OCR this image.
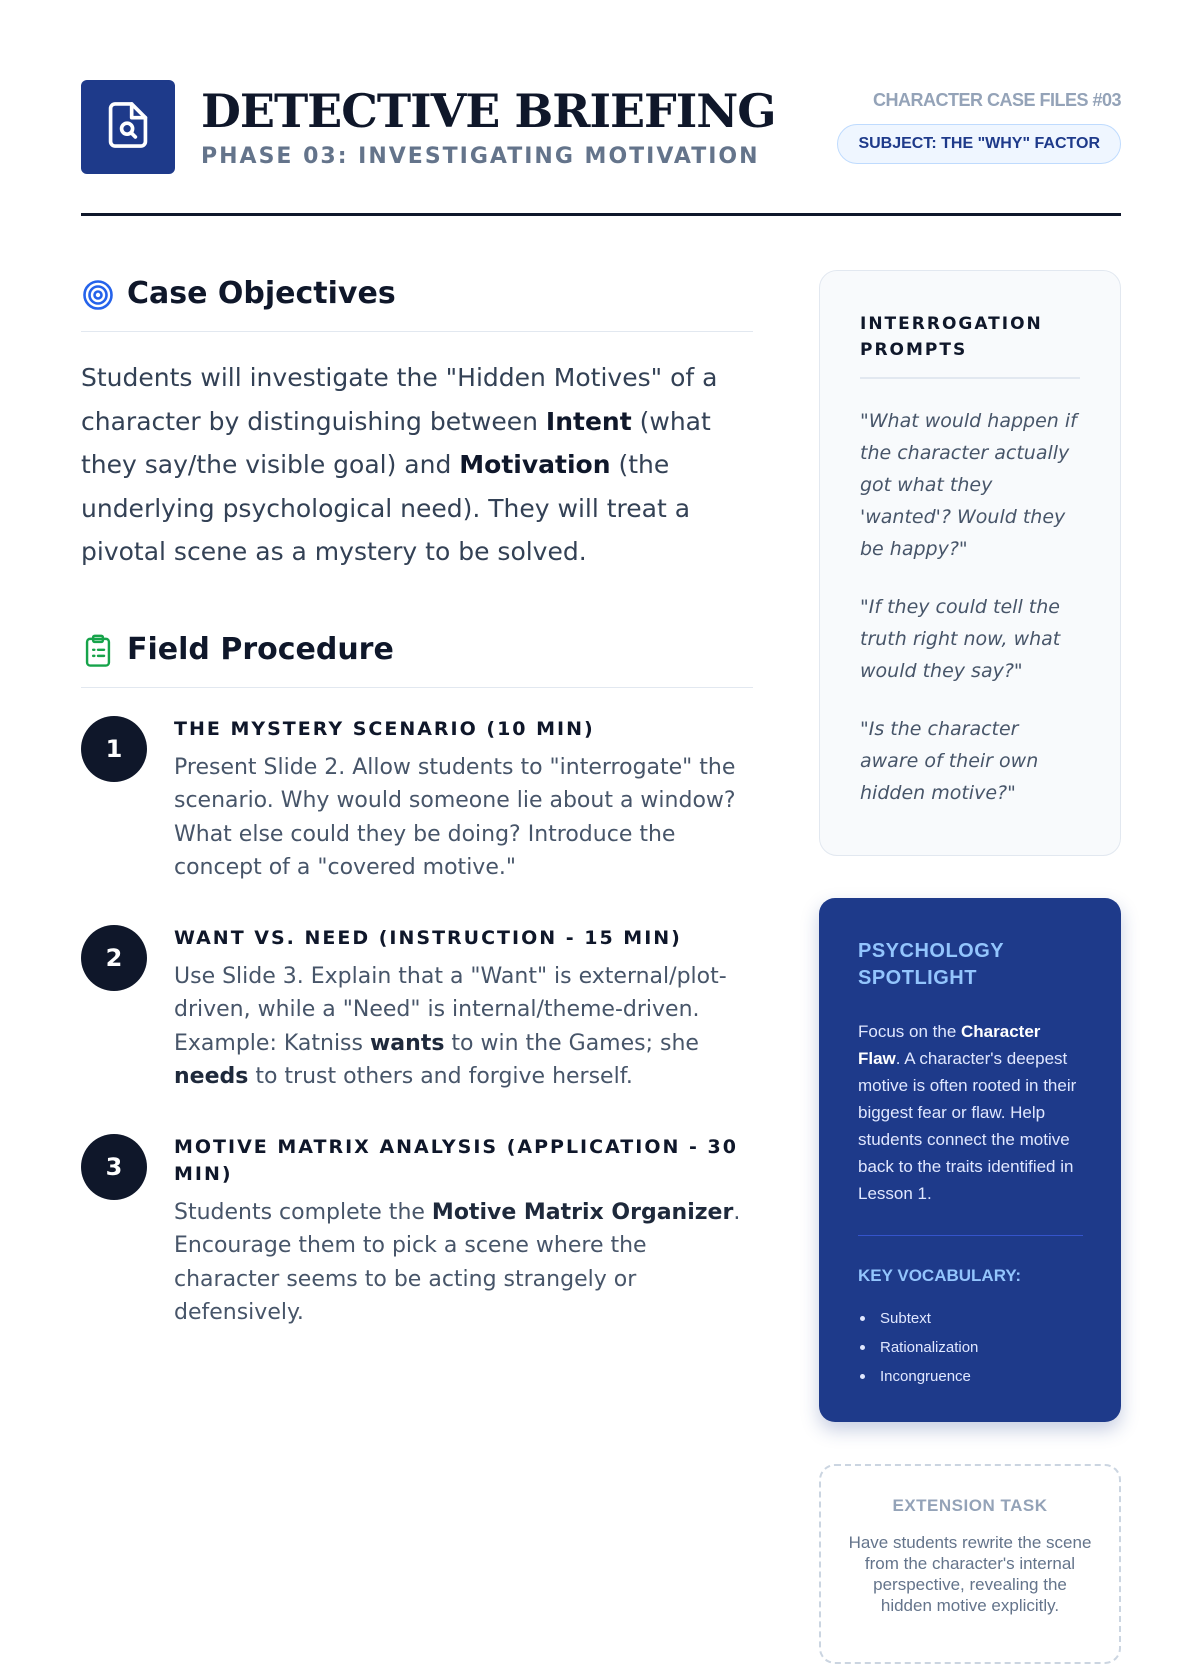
DETECTIVE BRIEFING
PHASE 03: INVESTIGATING MOTIVATION
CHARACTER CASE FILES #03
SUBJECT: THE "WHY" FACTOR
Case Objectives

Students will investigate the "Hidden Motives" of a character by distinguishing between Intent (what they say/the visible goal) and Motivation (the underlying psychological need). They will treat a pivotal scene as a mystery to be solved.

Field Procedure
1
THE MYSTERY SCENARIO (10 MIN)

Present Slide 2. Allow students to "interrogate" the scenario. Why would someone lie about a window? What else could they be doing? Introduce the concept of a "covered motive."

2
WANT VS. NEED (INSTRUCTION - 15 MIN)

Use Slide 3. Explain that a "Want" is external/plot-driven, while a "Need" is internal/theme-driven. Example: Katniss wants to win the Games; she needs to trust others and forgive herself.

3
MOTIVE MATRIX ANALYSIS (APPLICATION - 30 MIN)

Students complete the Motive Matrix Organizer. Encourage them to pick a scene where the character seems to be acting strangely or defensively.

INTERROGATION PROMPTS

"What would happen if the character actually got what they 'wanted'? Would they be happy?"

"If they could tell the truth right now, what would they say?"

"Is the character aware of their own hidden motive?"

PSYCHOLOGY SPOTLIGHT

Focus on the Character Flaw. A character's deepest motive is often rooted in their biggest fear or flaw. Help students connect the motive back to the traits identified in Lesson 1.

KEY VOCABULARY:
Subtext
Rationalization
Incongruence
EXTENSION TASK

Have students rewrite the scene from the character's internal perspective, revealing the hidden motive explicitly.
